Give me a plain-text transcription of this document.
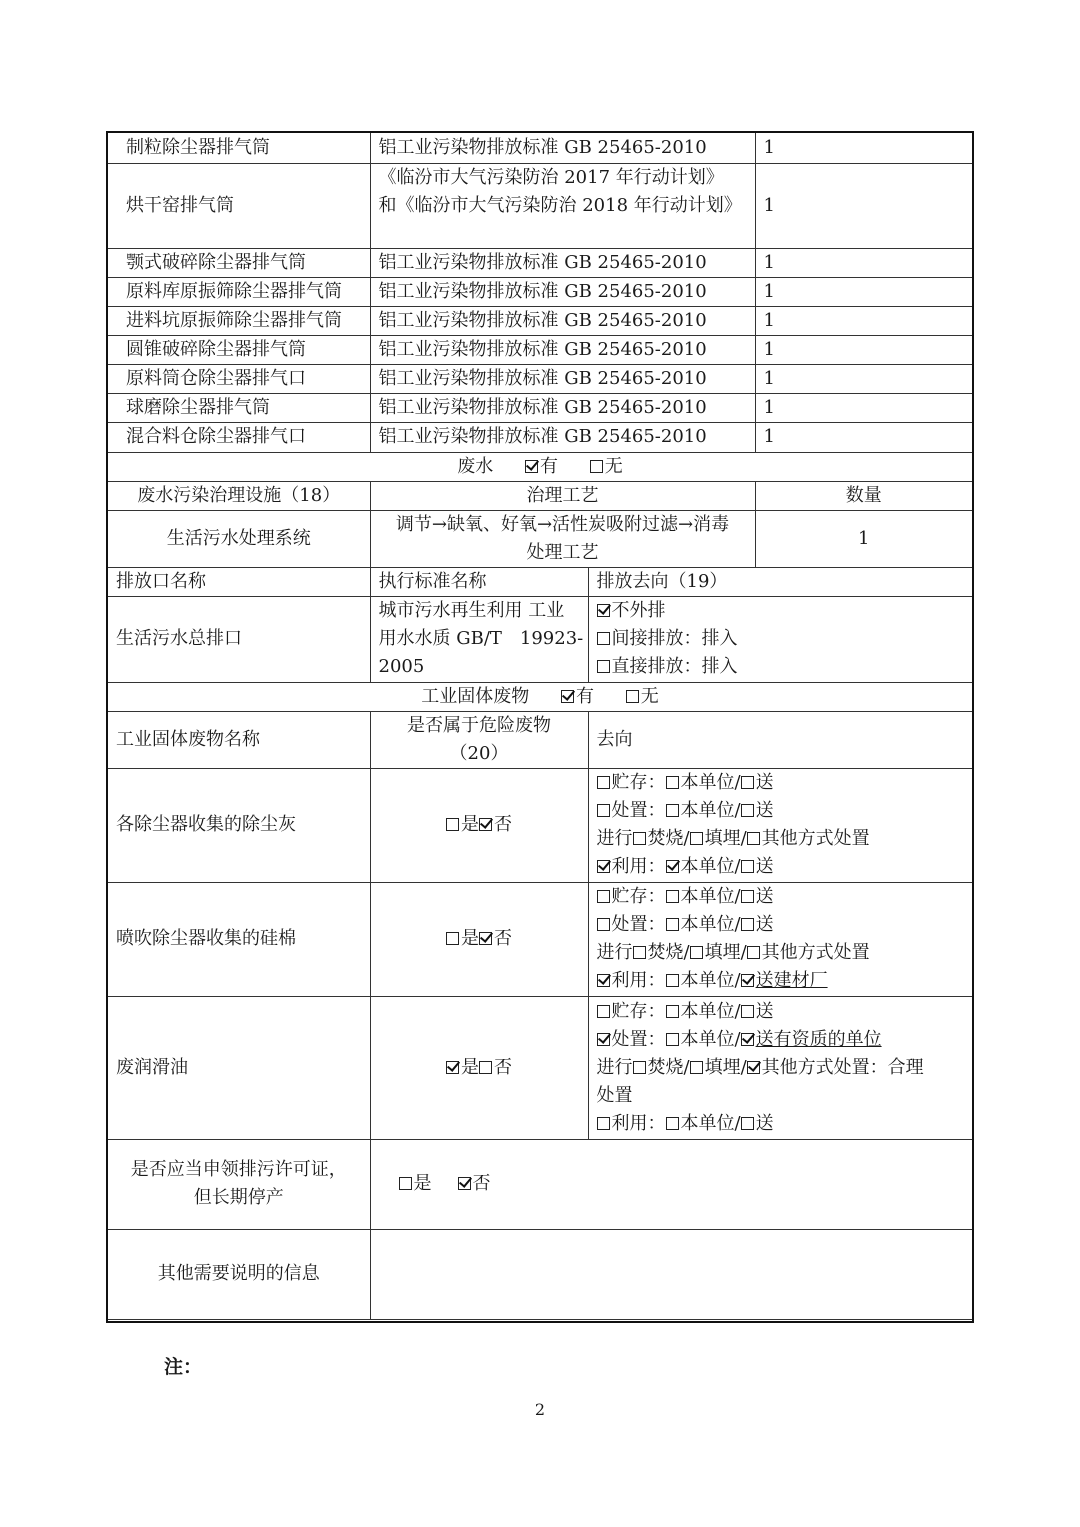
制粒除尘器排气筒	铝工业污染物排放标准 GB 25465-2010		1
烘干窑排气筒	《临汾市大气污染防治 2017 年行动计划》
和《临汾市大气污染防治 2018 年行动计划》		1
颚式破碎除尘器排气筒	铝工业污染物排放标准 GB 25465-2010		1
原料库原振筛除尘器排气筒	铝工业污染物排放标准 GB 25465-2010		1
进料坑原振筛除尘器排气筒	铝工业污染物排放标准 GB 25465-2010		1
圆锥破碎除尘器排气筒	铝工业污染物排放标准 GB 25465-2010		1
原料筒仓除尘器排气口	铝工业污染物排放标准 GB 25465-2010		1
球磨除尘器排气筒	铝工业污染物排放标准 GB 25465-2010		1
混合料仓除尘器排气口	铝工业污染物排放标准 GB 25465-2010		1
废水 有 无			
废水污染治理设施（18）	治理工艺		数量
生活污水处理系统	调节→缺氧、好氧→活性炭吸附过滤→消毒
处理工艺		1
排放口名称	执行标准名称	排放去向（19）	
生活污水总排口	城市污水再生利用 工业
用水水质 GB/T　19923-
2005	不外排
间接排放：排入
直接排放：排入	

工业固体废物 有 无			
工业固体废物名称	是否属于危险废物
（20）	去向	
各除尘器收集的除尘灰	是 否	贮存： 本单位/ 送
处置： 本单位/ 送
进行 焚烧/ 填埋/ 其他方式处置
利用： 本单位/ 送	

喷吹除尘器收集的硅棉	是 否	贮存： 本单位/ 送
处置： 本单位/ 送
进行 焚烧/ 填埋/ 其他方式处置
利用： 本单位/ 送建材厂	

废润滑油	是 否	贮存： 本单位/ 送
处置： 本单位/ 送有资质的单位
进行 焚烧/ 填埋/ 其他方式处置：合理
处置
利用： 本单位/ 送	

是否应当申领排污许可证，
但长期停产	是 否		
其他需要说明的信息			
注：
2
